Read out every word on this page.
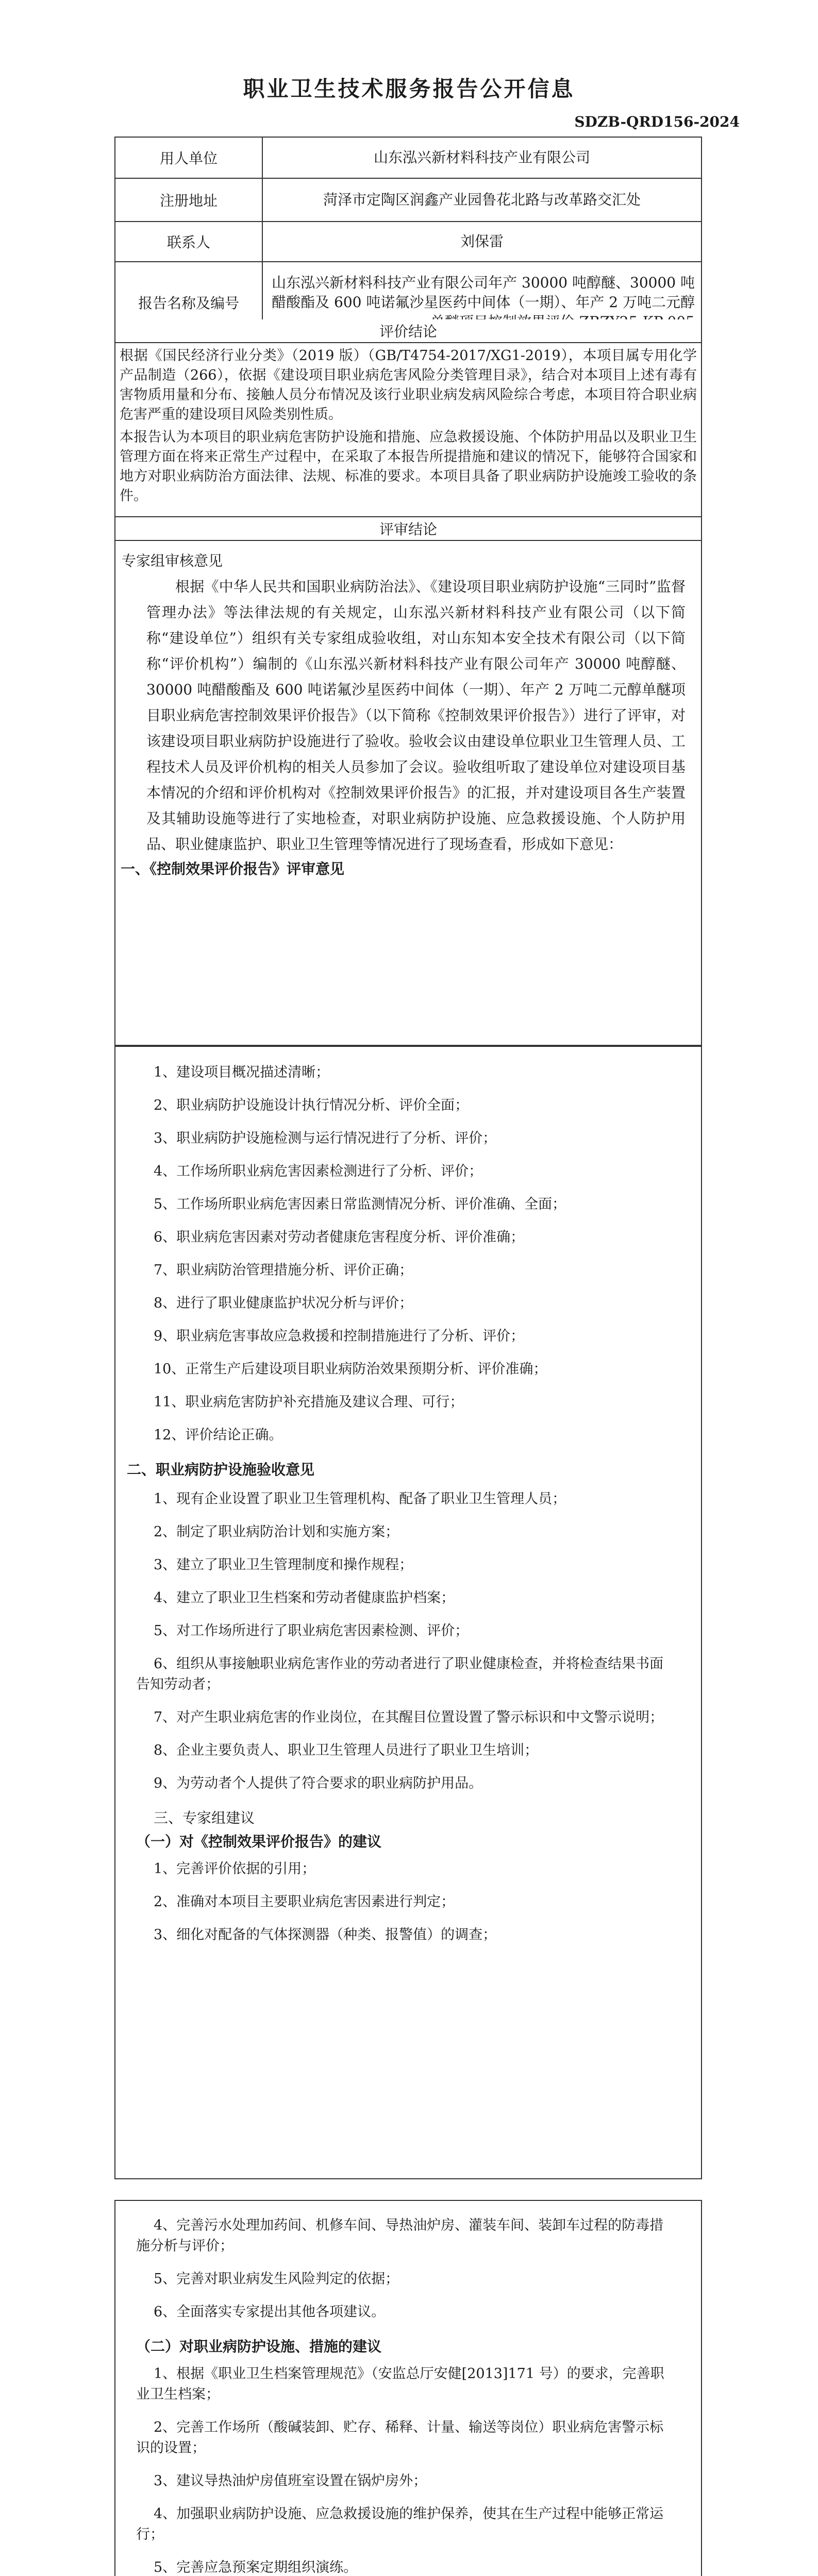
职业卫生技术服务报告公开信息
SDZB-QRD156-2024
用人单位	山东泓兴新材料科技产业有限公司
注册地址	菏泽市定陶区润鑫产业园鲁花北路与改革路交汇处
联系人	刘保雷
报告名称及编号	山东泓兴新材料科技产业有限公司年产 30000 吨醇醚、30000 吨醋酸酯及 600 吨诺氟沙星医药中间体（一期）、年产 2 万吨二元醇
评价结论

根据《国民经济行业分类》（2019 版）（GB/T4754-2017/XG1-2019），本项目属专用化学产品制造（266），依据《建设项目职业病危害风险分类管理目录》，结合对本项目上述有毒有害物质用量和分布、接触人员分布情况及该行业职业病发病风险综合考虑，本项目符合职业病危害严重的建设项目风险类别性质。

本报告认为本项目的职业病危害防护设施和措施、应急救援设施、个体防护用品以及职业卫生管理方面在将来正常生产过程中，在采取了本报告所提措施和建议的情况下，能够符合国家和地方对职业病防治方面法律、法规、标准的要求。本项目具备了职业病防护设施竣工验收的条件。

评审结论
专家组审核意见
根据《中华人民共和国职业病防治法》、《建设项目职业病防护设施“三同时”监督管理办法》等法律法规的有关规定，山东泓兴新材料科技产业有限公司（以下简称“建设单位”）组织有关专家组成验收组，对山东知本安全技术有限公司（以下简称“评价机构”）编制的《山东泓兴新材料科技产业有限公司年产 30000 吨醇醚、30000 吨醋酸酯及 600 吨诺氟沙星医药中间体（一期）、年产 2 万吨二元醇单醚项目职业病危害控制效果评价报告》（以下简称《控制效果评价报告》）进行了评审，对该建设项目职业病防护设施进行了验收。验收会议由建设单位职业卫生管理人员、工程技术人员及评价机构的相关人员参加了会议。验收组听取了建设单位对建设项目基本情况的介绍和评价机构对《控制效果评价报告》的汇报，并对建设项目各生产装置及其辅助设施等进行了实地检查，对职业病防护设施、应急救援设施、个人防护用品、职业健康监护、职业卫生管理等情况进行了现场查看，形成如下意见：
一、《控制效果评价报告》评审意见

1、建设项目概况描述清晰；

2、职业病防护设施设计执行情况分析、评价全面；

3、职业病防护设施检测与运行情况进行了分析、评价；

4、工作场所职业病危害因素检测进行了分析、评价；

5、工作场所职业病危害因素日常监测情况分析、评价准确、全面；

6、职业病危害因素对劳动者健康危害程度分析、评价准确；

7、职业病防治管理措施分析、评价正确；

8、进行了职业健康监护状况分析与评价；

9、职业病危害事故应急救援和控制措施进行了分析、评价；

10、正常生产后建设项目职业病防治效果预期分析、评价准确；

11、职业病危害防护补充措施及建议合理、可行；

12、评价结论正确。

二、职业病防护设施验收意见

1、现有企业设置了职业卫生管理机构、配备了职业卫生管理人员；

2、制定了职业病防治计划和实施方案；

3、建立了职业卫生管理制度和操作规程；

4、建立了职业卫生档案和劳动者健康监护档案；

5、对工作场所进行了职业病危害因素检测、评价；

6、组织从事接触职业病危害作业的劳动者进行了职业健康检查，并将检查结果书面告知劳动者；

7、对产生职业病危害的作业岗位，在其醒目位置设置了警示标识和中文警示说明；

8、企业主要负责人、职业卫生管理人员进行了职业卫生培训；

9、为劳动者个人提供了符合要求的职业病防护用品。

三、专家组建议
（一）对《控制效果评价报告》的建议

1、完善评价依据的引用；

2、准确对本项目主要职业病危害因素进行判定；

3、细化对配备的气体探测器（种类、报警值）的调查；

4、完善污水处理加药间、机修车间、导热油炉房、灌装车间、装卸车过程的防毒措施分析与评价；

5、完善对职业病发生风险判定的依据；

6、全面落实专家提出其他各项建议。

（二）对职业病防护设施、措施的建议

1、根据《职业卫生档案管理规范》（安监总厅安健[2013]171 号）的要求，完善职业卫生档案；

2、完善工作场所（酸碱装卸、贮存、稀释、计量、输送等岗位）职业病危害警示标识的设置；

3、建议导热油炉房值班室设置在锅炉房外；

4、加强职业病防护设施、应急救援设施的维护保养，使其在生产过程中能够正常运行；

5、完善应急预案定期组织演练。
